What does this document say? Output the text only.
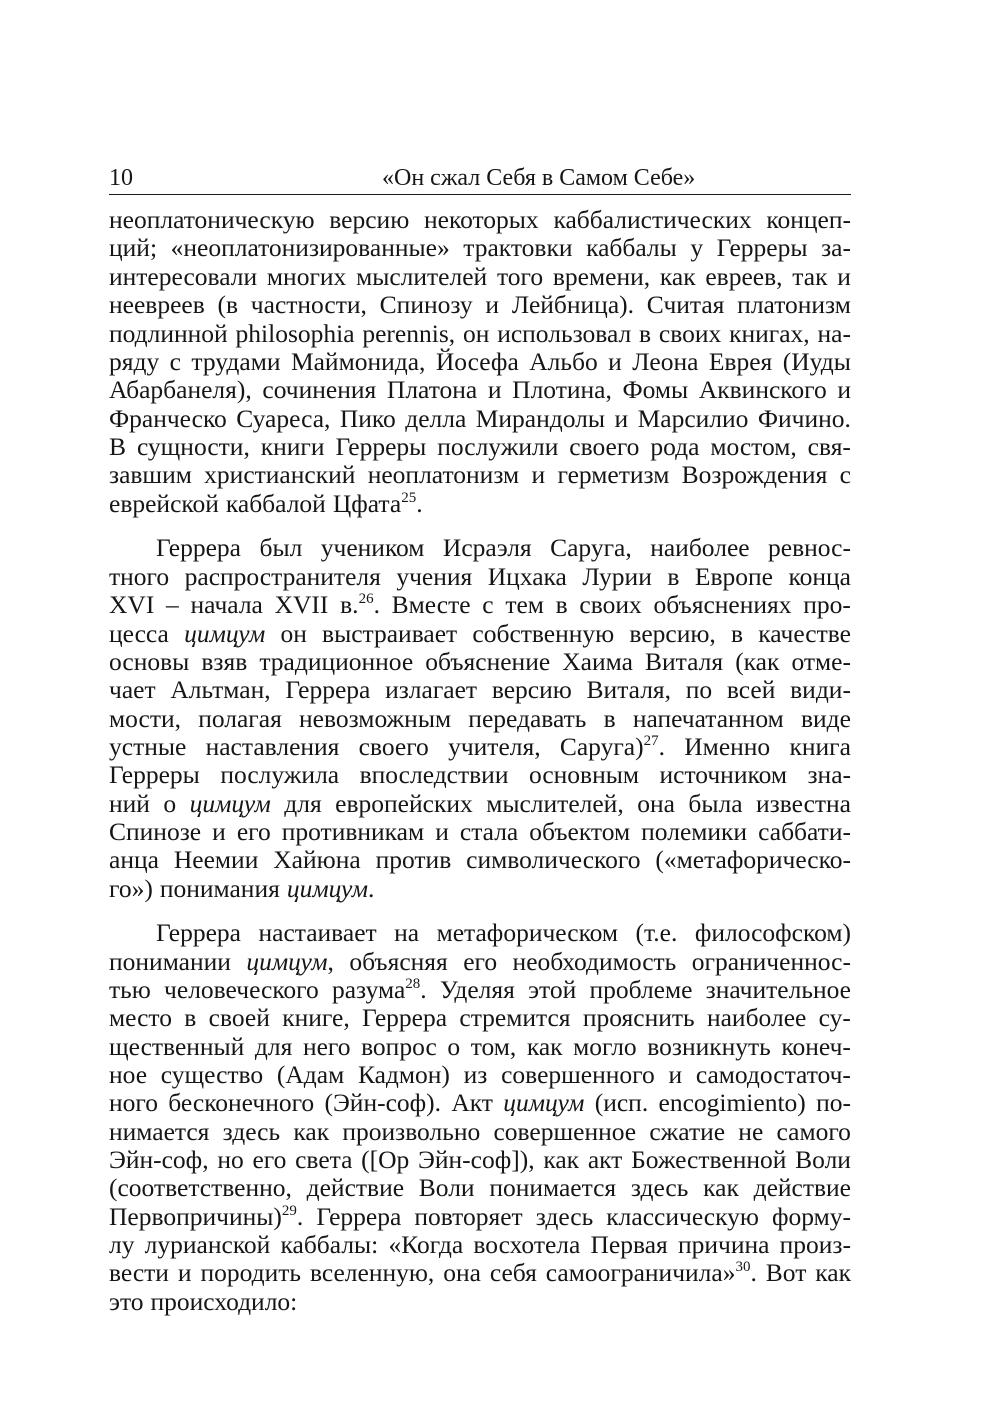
10	«Он сжал Себя в Самом Себе»
неоплатоническую версию некоторых каббалистических концеп-
ций; «неоплатонизированные» трактовки каббалы у Герреры за-
интересовали многих мыслителей того времени, как евреев, так и
неевреев (в частности, Спинозу и Лейбница). Считая платонизм
подлинной philosophia perennis, он использовал в своих книгах, на-
ряду с трудами Маймонида, Йосефа Альбо и Леона Еврея (Иуды
Абарбанеля), сочинения Платона и Плотина, Фомы Аквинского и
Франческо Суареса, Пико делла Мирандолы и Марсилио Фичино.
В сущности, книги Герреры послужили своего рода мостом, свя-
завшим христианский неоплатонизм и герметизм Возрождения с
еврейской каббалой Цфата$^{25}$.
Геррера был учеником Исраэля Саруга, наиболее ревнос-
тного распространителя учения Ицхака Лурии в Европе конца
XVI – начала XVII в.$^{26}$. Вместе с тем в своих объяснениях про-
цесса цимцум он выстраивает собственную версию, в качестве
основы взяв традиционное объяснение Хаима Виталя (как отме-
чает Альтман, Геррера излагает версию Виталя, по всей види-
мости, полагая невозможным передавать в напечатанном виде
устные наставления своего учителя, Саруга)$^{27}$. Именно книга
Герреры послужила впоследствии основным источником зна-
ний о цимцум для европейских мыслителей, она была известна
Спинозе и его противникам и стала объектом полемики саббати-
анца Неемии Хайюна против символического («метафорическо-
го») понимания цимцум.
Геррера настаивает на метафорическом (т.е. философском)
понимании цимцум, объясняя его необходимость ограниченнос-
тью человеческого разума$^{28}$. Уделяя этой проблеме значительное
место в своей книге, Геррера стремится прояснить наиболее су-
щественный для него вопрос о том, как могло возникнуть конеч-
ное существо (Адам Кадмон) из совершенного и самодостаточ-
ного бесконечного (Эйн-соф). Акт цимцум (исп. encogimiento) по-
нимается здесь как произвольно совершенное сжатие не самого
Эйн-соф, но его света ([Ор Эйн-соф]), как акт Божественной Воли
(соответственно, действие Воли понимается здесь как действие
Первопричины)$^{29}$. Геррера повторяет здесь классическую форму-
лу лурианской каббалы: «Когда восхотела Первая причина произ-
вести и породить вселенную, она себя самоограничила»$^{30}$. Вот как
это происходило:
